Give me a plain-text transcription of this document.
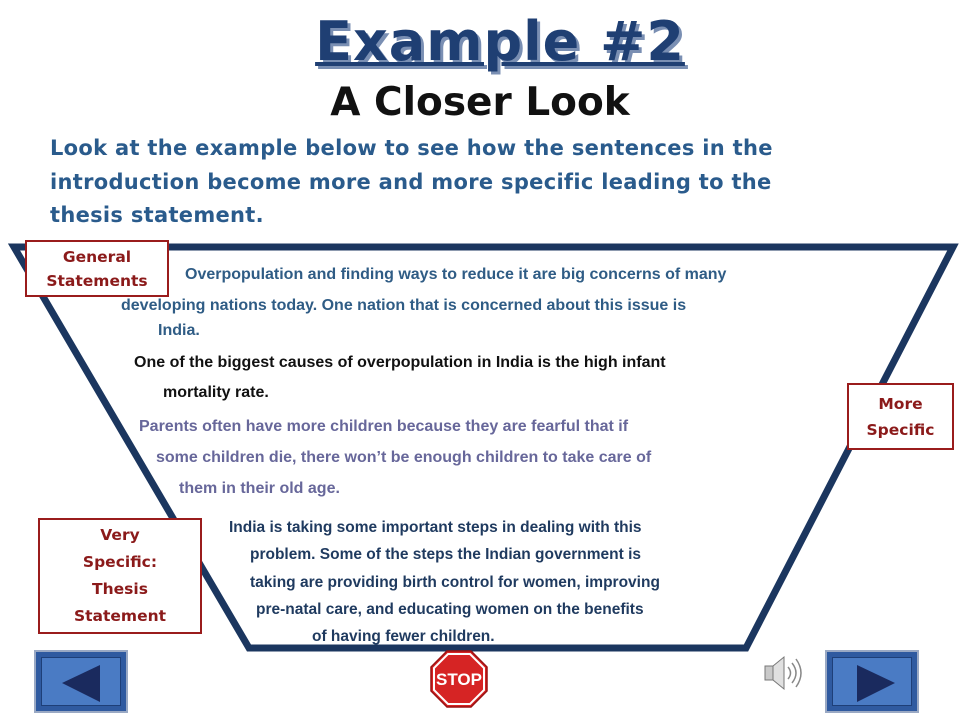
Example #2
A Closer Look
Look at the example below to see how the sentences in the
introduction become more and more specific leading to the
thesis statement.
Overpopulation and finding ways to reduce it are big concerns of many
developing nations today. One nation that is concerned about this issue is
India.
One of the biggest causes of overpopulation in India is the high infant
mortality rate.
Parents often have more children because they are fearful that if
some children die, there won’t be enough children to take care of
them in their old age.
India is taking some important steps in dealing with this
problem. Some of the steps the Indian government is
taking are providing birth control for women, improving
pre-natal care, and educating women on the benefits
of having fewer children.
General
Statements
More
Specific
Very
Specific:
Thesis
Statement
STOP
